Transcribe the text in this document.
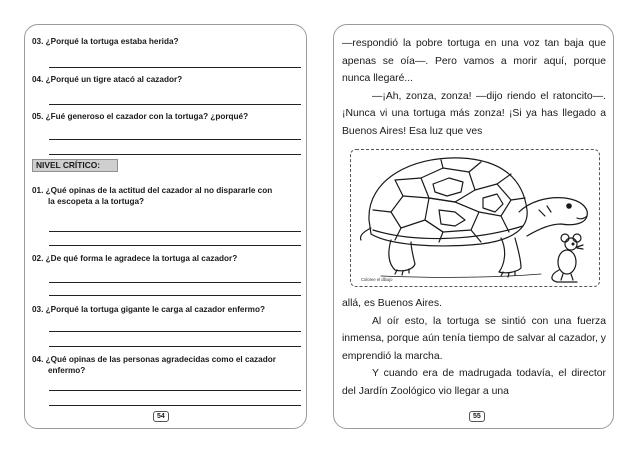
03. ¿Porqué la tortuga estaba herida?
04. ¿Porqué un tigre atacó al cazador?
05. ¿Fué generoso el cazador con la tortuga? ¿porqué?
NIVEL CRÍTICO:
01. ¿Qué opinas de la actitud del cazador al no dispararle con
la escopeta a la tortuga?
02. ¿De qué forma le agradece la tortuga al cazador?
03. ¿Porqué la tortuga gigante le carga al cazador enfermo?
04. ¿Qué opinas de las personas agradecidas como el cazador
enfermo?
54

—respondió la pobre tortuga en una voz tan baja que apenas se oía—. Pero vamos a morir aquí, porque nunca llegaré...

—¡Ah, zonza, zonza! —dijo riendo el ratoncito—. ¡Nunca vi una tortuga más zonza! ¡Si ya has llegado a Buenos Aires! Esa luz que ves

Coloree el dibujo

allá, es Buenos Aires.

Al oír esto, la tortuga se sintió con una fuerza inmensa, porque aún tenía tiempo de salvar al cazador, y emprendió la marcha.

Y cuando era de madrugada todavía, el director del Jardín Zoológico vio llegar a una

55
